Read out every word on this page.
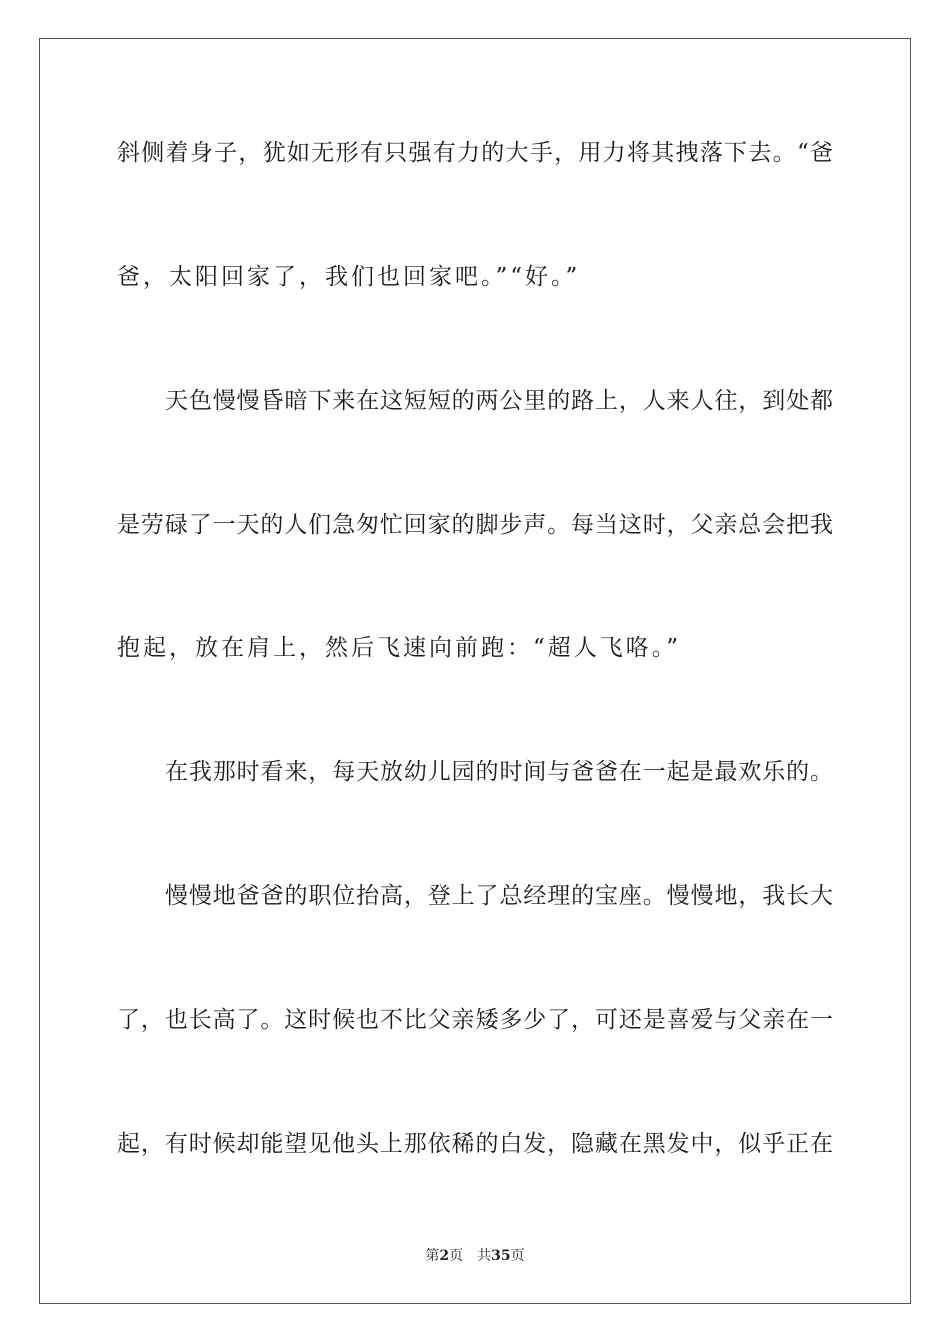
斜侧着身子，犹如无形有只强有力的大手，用力将其拽落下去。“爸
爸，太阳回家了，我们也回家吧。”“好。”
天色慢慢昏暗下来在这短短的两公里的路上，人来人往，到处都
是劳碌了一天的人们急匆忙回家的脚步声。每当这时，父亲总会把我
抱起，放在肩上，然后飞速向前跑：“超人飞咯。”
在我那时看来，每天放幼儿园的时间与爸爸在一起是最欢乐的。
慢慢地爸爸的职位抬高，登上了总经理的宝座。慢慢地，我长大
了，也长高了。这时候也不比父亲矮多少了，可还是喜爱与父亲在一
起，有时候却能望见他头上那依稀的白发，隐藏在黑发中，似乎正在
第2页 共35页
